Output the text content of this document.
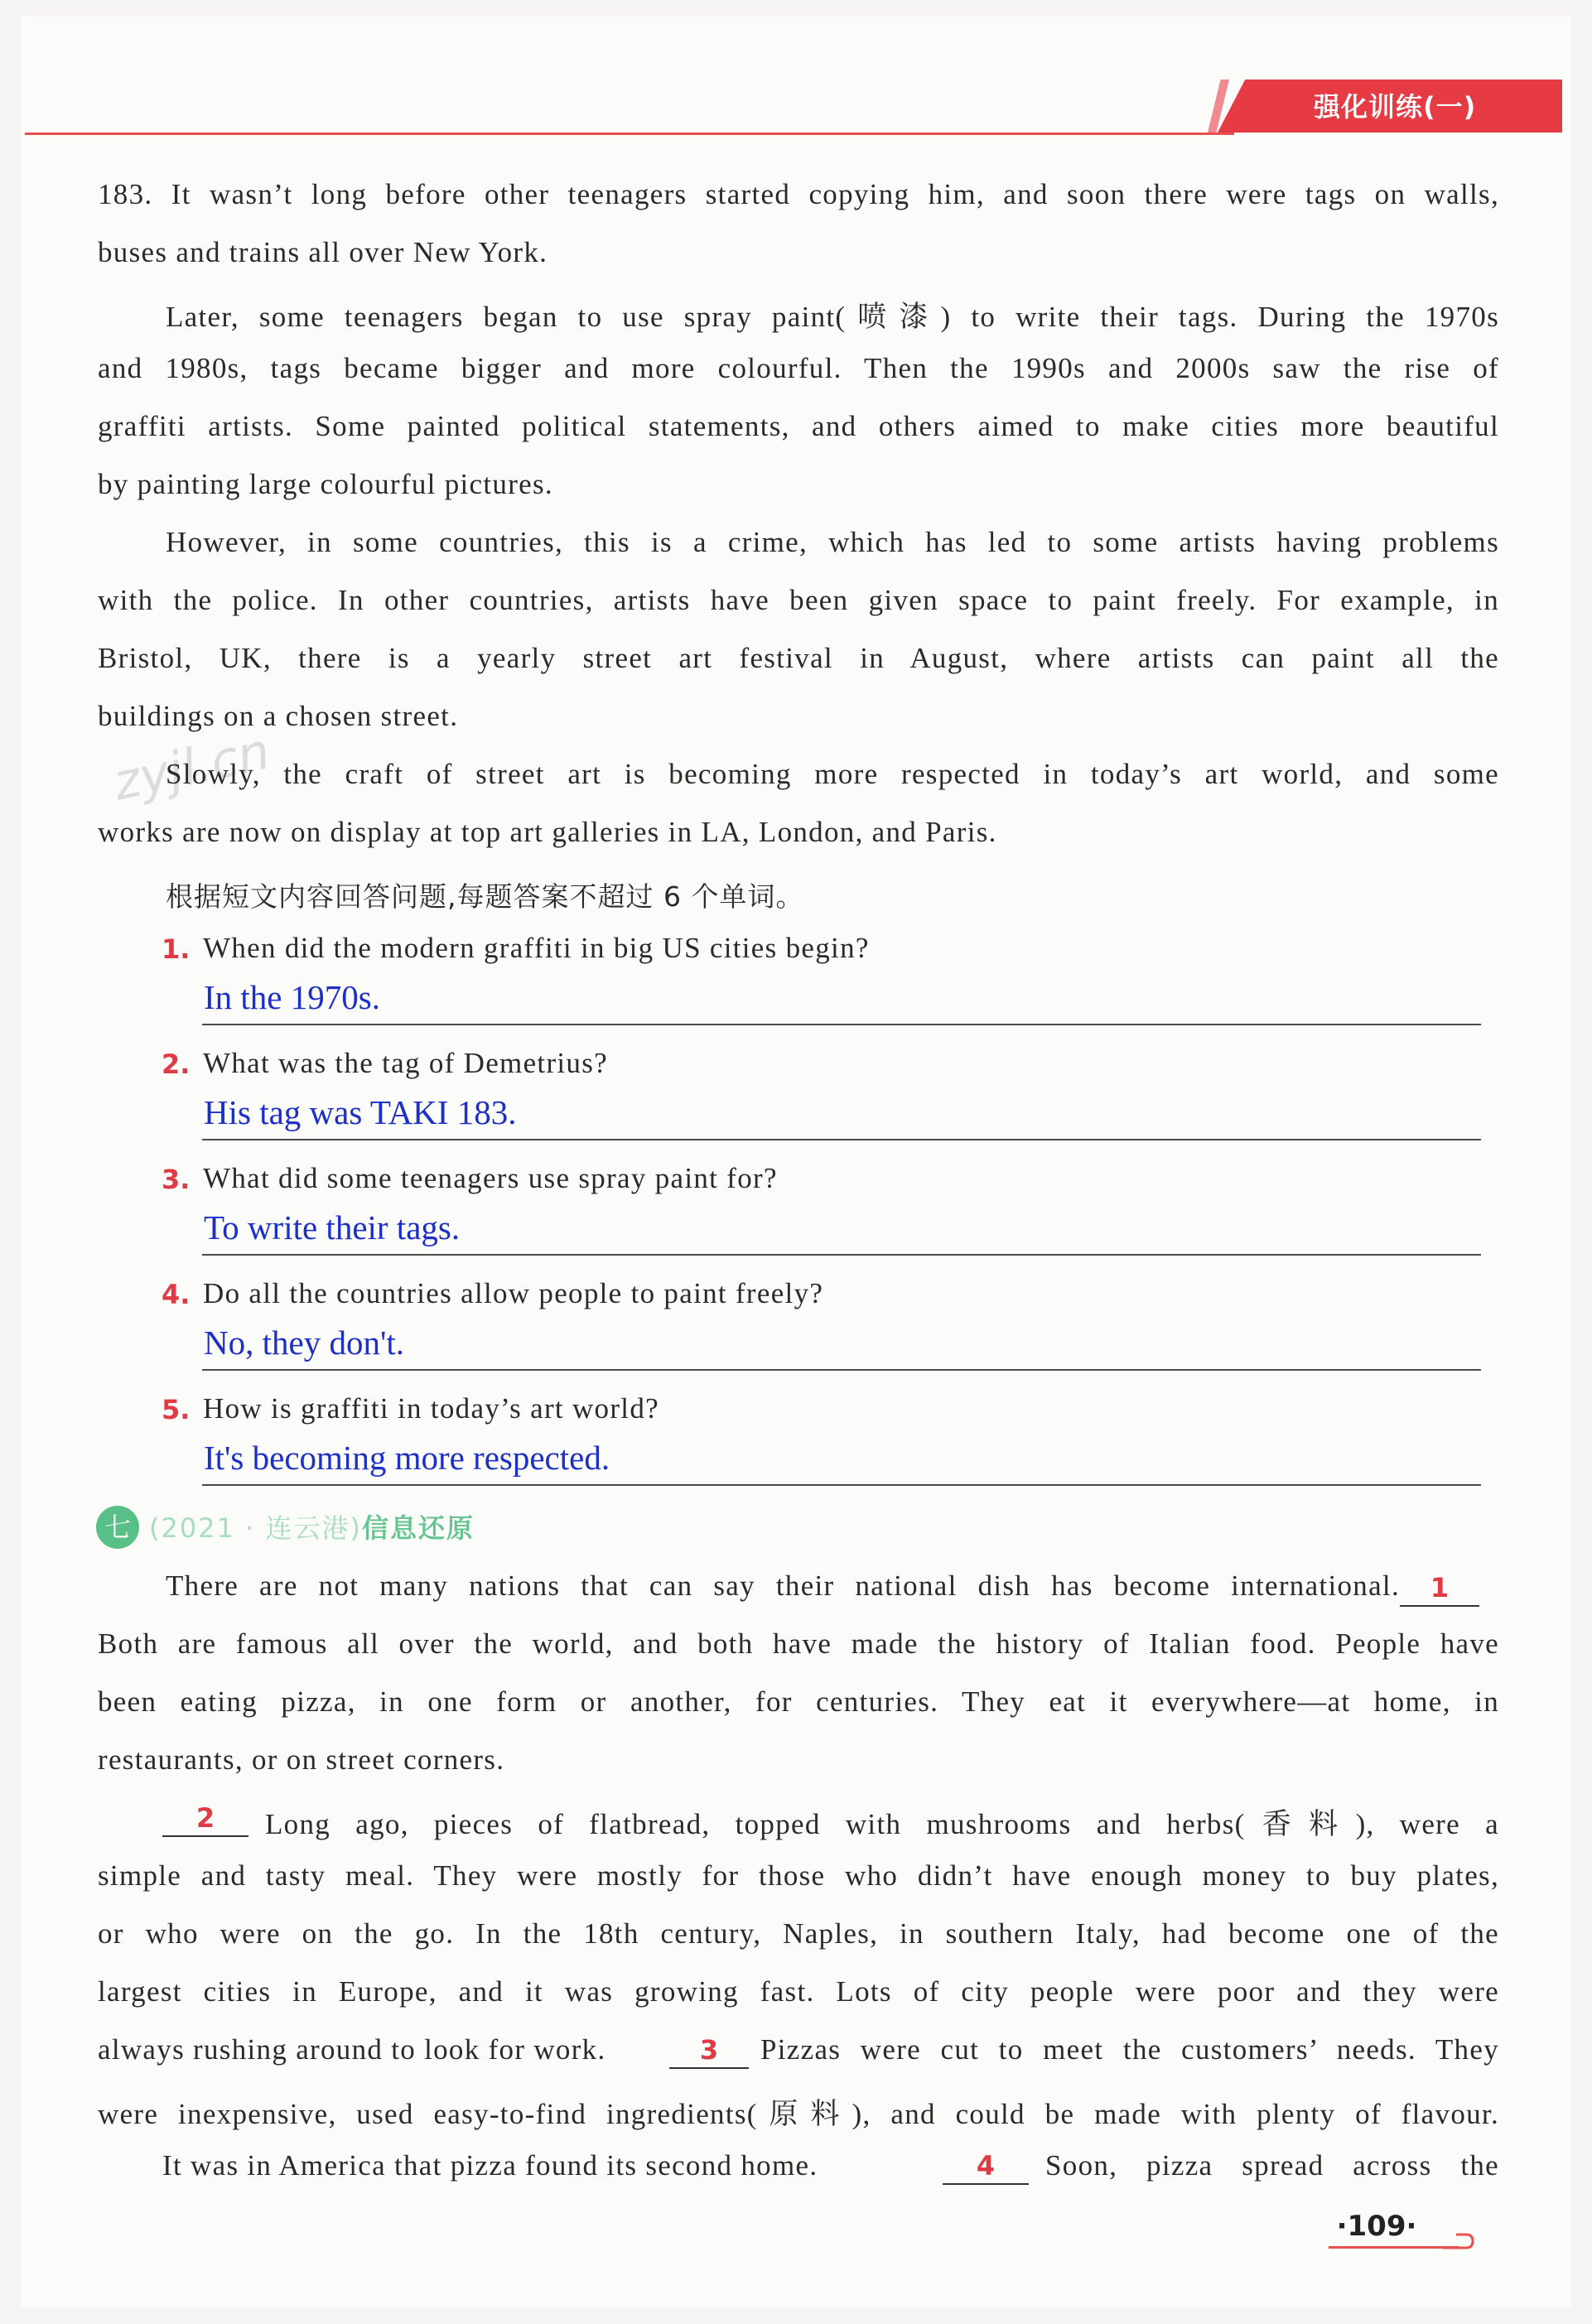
强化训练(一)
zyjl.cn
183. It wasn’t long before other teenagers started copying him, and soon there were tags on walls,
buses and trains all over New York.
Later, some teenagers began to use spray paint(喷漆) to write their tags. During the 1970s
and 1980s, tags became bigger and more colourful. Then the 1990s and 2000s saw the rise of
graffiti artists. Some painted political statements, and others aimed to make cities more beautiful
by painting large colourful pictures.
However, in some countries, this is a crime, which has led to some artists having problems
with the police. In other countries, artists have been given space to paint freely. For example, in
Bristol, UK, there is a yearly street art festival in August, where artists can paint all the
buildings on a chosen street.
Slowly, the craft of street art is becoming more respected in today’s art world, and some
works are now on display at top art galleries in LA, London, and Paris.
根据短文内容回答问题,每题答案不超过 6 个单词。
1. When did the modern graffiti in big US cities begin?
In the 1970s.
2. What was the tag of Demetrius?
His tag was TAKI 183.
3. What did some teenagers use spray paint for?
To write their tags.
4. Do all the countries allow people to paint freely?
No, they don't.
5. How is graffiti in today’s art world?
It's becoming more respected.
七 (2021 · 连云港)信息还原
There are not many nations that can say their national dish has become international.	1
Both are famous all over the world, and both have made the history of Italian food. People have
been eating pizza, in one form or another, for centuries. They eat it everywhere—at home, in
restaurants, or on street corners.
2	Long ago, pieces of flatbread, topped with mushrooms and herbs(香料), were a
simple and tasty meal. They were mostly for those who didn’t have enough money to buy plates,
or who were on the go. In the 18th century, Naples, in southern Italy, had become one of the
largest cities in Europe, and it was growing fast. Lots of city people were poor and they were
always rushing around to look for work.	3	Pizzas were cut to meet the customers’ needs. They
were inexpensive, used easy-to-find ingredients(原料), and could be made with plenty of flavour.
It was in America that pizza found its second home.	4	Soon, pizza spread across the
·109·
